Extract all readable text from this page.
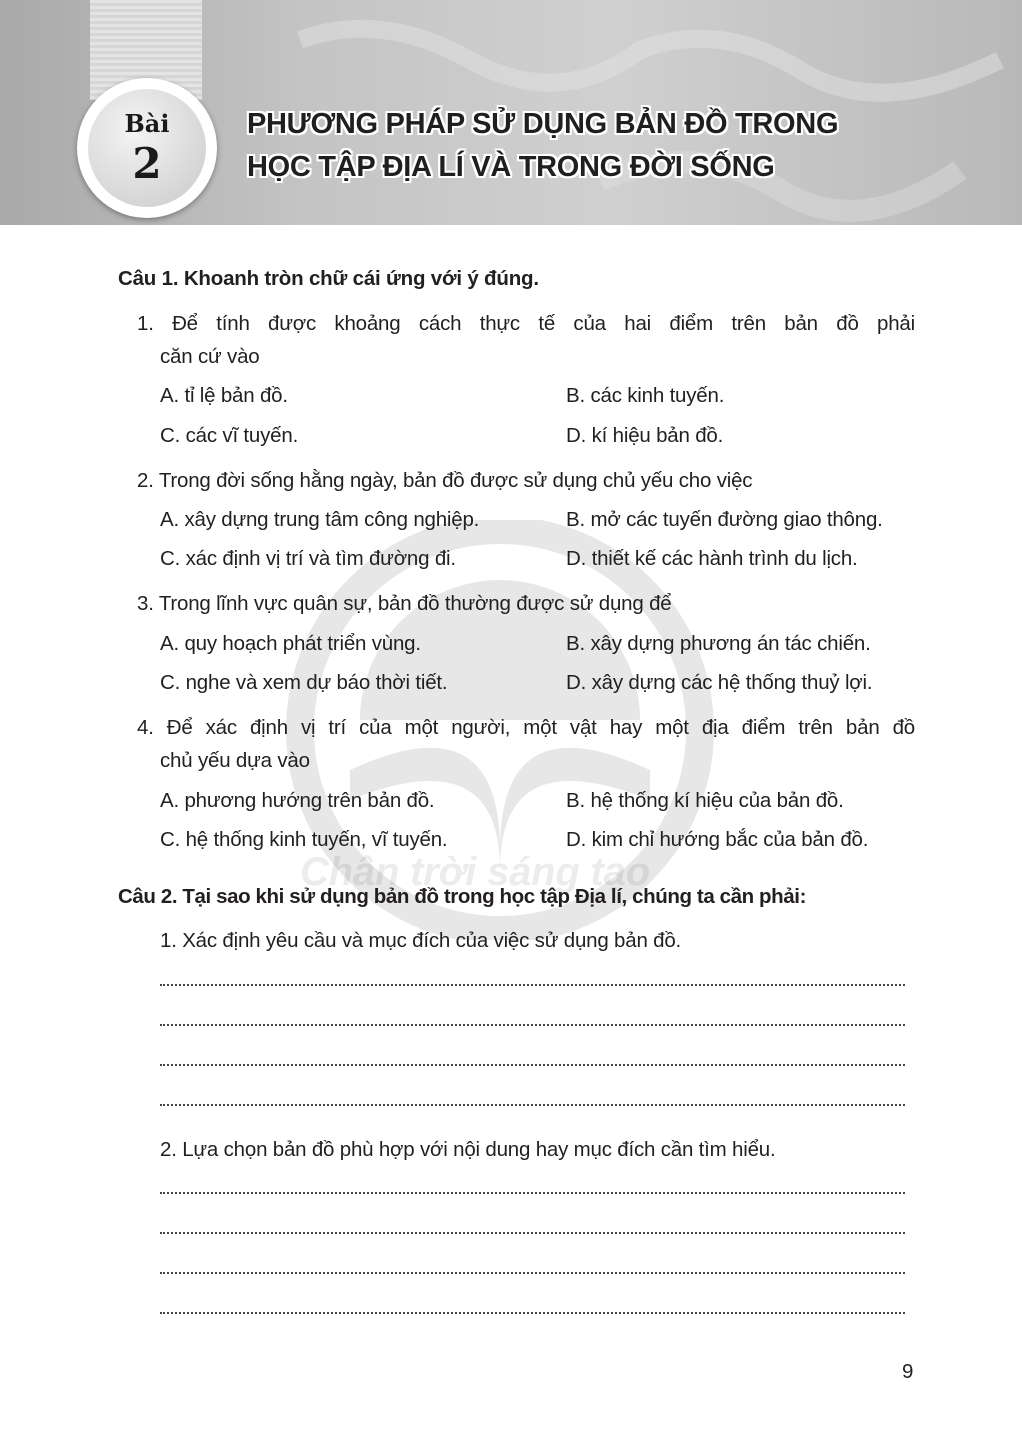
Bài
2
PHƯƠNG PHÁP SỬ DỤNG BẢN ĐỒ TRONG
HỌC TẬP ĐỊA LÍ VÀ TRONG ĐỜI SỐNG
Câu 1. Khoanh tròn chữ cái ứng với ý đúng.
1. Để tính được khoảng cách thực tế của hai điểm trên bản đồ phải
căn cứ vào
A. tỉ lệ bản đồ.	B. các kinh tuyến.
C. các vĩ tuyến.	D. kí hiệu bản đồ.
2. Trong đời sống hằng ngày, bản đồ được sử dụng chủ yếu cho việc
A. xây dựng trung tâm công nghiệp.	B. mở các tuyến đường giao thông.
C. xác định vị trí và tìm đường đi.	D. thiết kế các hành trình du lịch.
3. Trong lĩnh vực quân sự, bản đồ thường được sử dụng để
A. quy hoạch phát triển vùng.	B. xây dựng phương án tác chiến.
C. nghe và xem dự báo thời tiết.	D. xây dựng các hệ thống thuỷ lợi.
4. Để xác định vị trí của một người, một vật hay một địa điểm trên bản đồ
chủ yếu dựa vào
A. phương hướng trên bản đồ.	B. hệ thống kí hiệu của bản đồ.
C. hệ thống kinh tuyến, vĩ tuyến.	D. kim chỉ hướng bắc của bản đồ.
Chân trời sáng tạo
Câu 2. Tại sao khi sử dụng bản đồ trong học tập Địa lí, chúng ta cần phải:
1. Xác định yêu cầu và mục đích của việc sử dụng bản đồ.
2. Lựa chọn bản đồ phù hợp với nội dung hay mục đích cần tìm hiểu.
9
